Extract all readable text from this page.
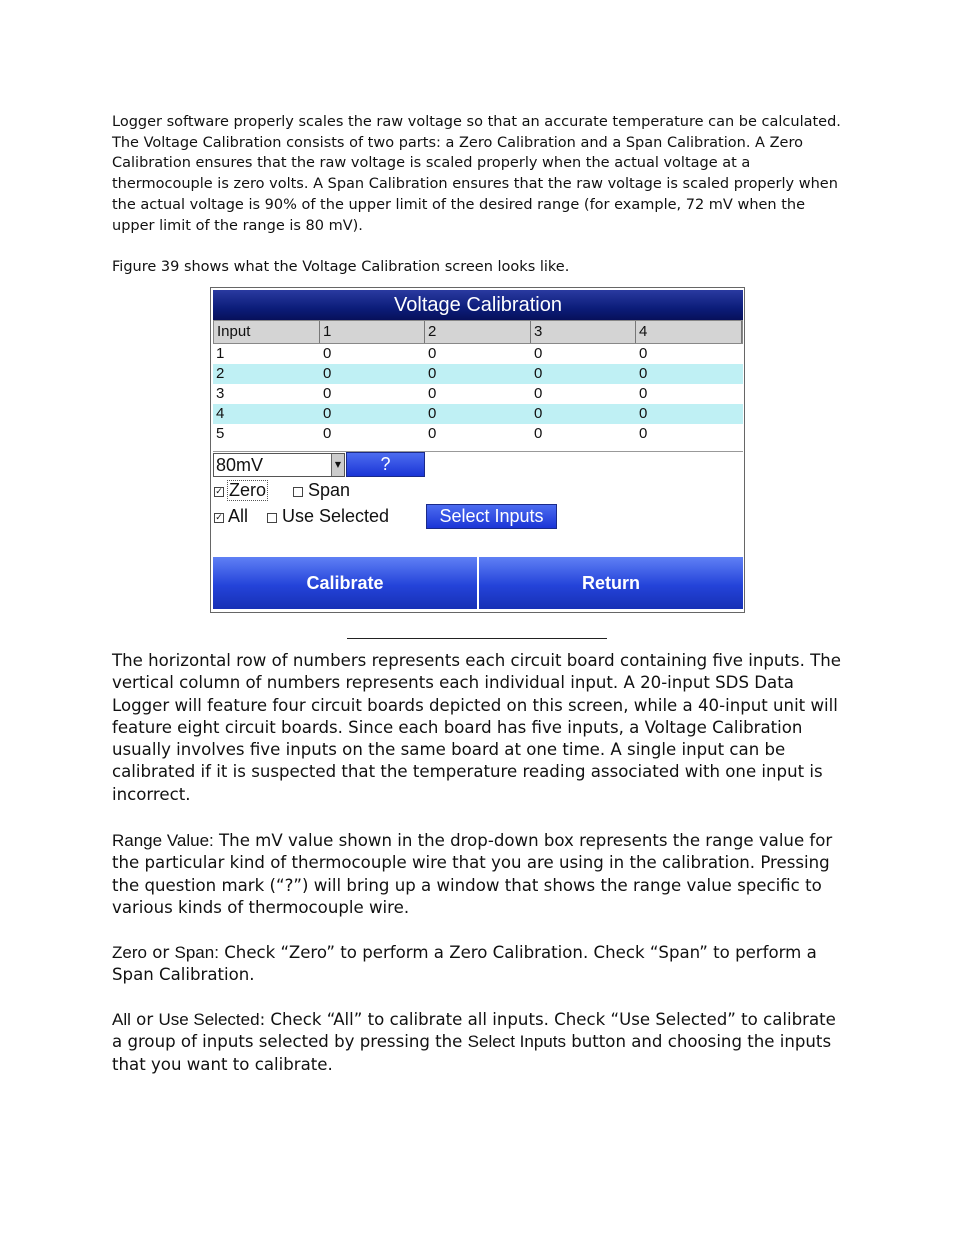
Logger software properly scales the raw voltage so that an accurate temperature can be calculated. The Voltage Calibration consists of two parts: a Zero Calibration and a Span Calibration. A Zero Calibration ensures that the raw voltage is scaled properly when the actual voltage at a thermocouple is zero volts. A Span Calibration ensures that the raw voltage is scaled properly when the actual voltage is 90% of the upper limit of the desired range (for example, 72 mV when the upper limit of the range is 80 mV).

Figure 39 shows what the Voltage Calibration screen looks like.

Voltage Calibration
Input	1	2	3	4
1	0	0	0	0
2	0	0	0	0
3	0	0	0	0
4	0	0	0	0
5	0	0	0	0
80mV	▼	?
✓ Zero Span
✓ All Use Selected	Select Inputs
Calibrate	Return

The horizontal row of numbers represents each circuit board containing five inputs. The vertical column of numbers represents each individual input. A 20-input SDS Data Logger will feature four circuit boards depicted on this screen, while a 40-input unit will feature eight circuit boards. Since each board has five inputs, a Voltage Calibration usually involves five inputs on the same board at one time. A single input can be calibrated if it is suspected that the temperature reading associated with one input is incorrect.

Range Value: The mV value shown in the drop-down box represents the range value for the particular kind of thermocouple wire that you are using in the calibration. Pressing the question mark (“?”) will bring up a window that shows the range value specific to various kinds of thermocouple wire.

Zero or Span: Check “Zero” to perform a Zero Calibration. Check “Span” to perform a Span Calibration.

All or Use Selected: Check “All” to calibrate all inputs. Check “Use Selected” to calibrate a group of inputs selected by pressing the Select Inputs button and choosing the inputs that you want to calibrate.
